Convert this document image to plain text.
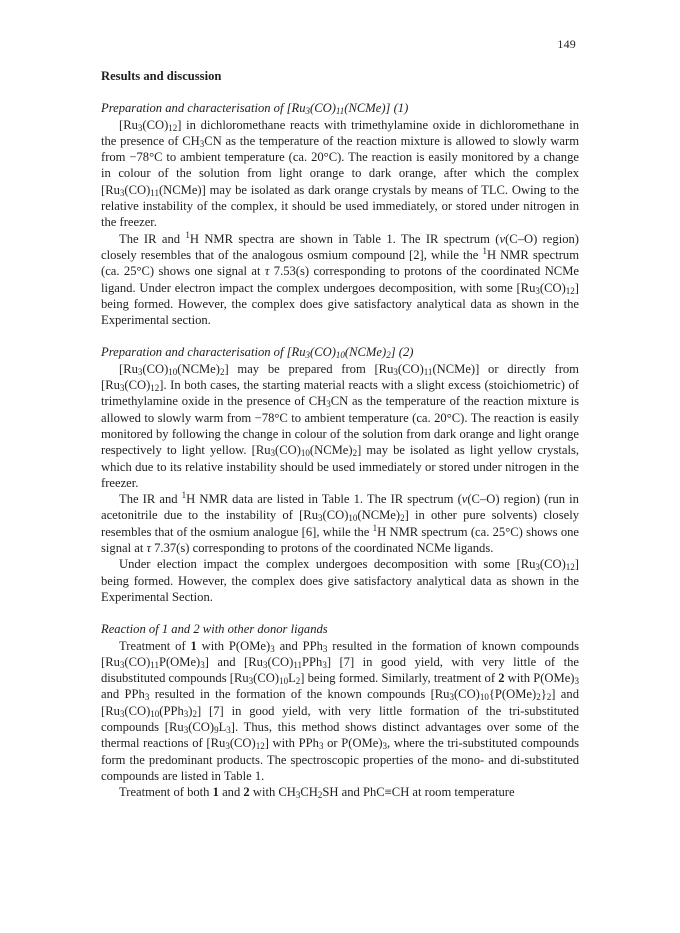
149
Results and discussion

Preparation and characterisation of $[Ru_3(CO)_{11}(NCMe)]$ (1)

$[Ru_3(CO)_{12}]$ in dichloromethane reacts with trimethylamine oxide in dichloromethane in the presence of $CH_3CN$ as the temperature of the reaction mixture is allowed to slowly warm from −78°C to ambient temperature (ca. 20°C). The reaction is easily monitored by a change in colour of the solution from light orange to dark orange, after which the complex $[Ru_3(CO)_{11}(NCMe)]$ may be isolated as dark orange crystals by means of TLC. Owing to the relative instability of the complex, it should be used immediately, or stored under nitrogen in the freezer.

The IR and $^1$H NMR spectra are shown in Table 1. The IR spectrum (ν(C–O) region) closely resembles that of the analogous osmium compound [2], while the $^1$H NMR spectrum (ca. 25°C) shows one signal at τ 7.53(s) corresponding to protons of the coordinated NCMe ligand. Under electron impact the complex undergoes decomposition, with some $[Ru_3(CO)_{12}]$ being formed. However, the complex does give satisfactory analytical data as shown in the Experimental section.

Preparation and characterisation of $[Ru_3(CO)_{10}(NCMe)_2]$ (2)

$[Ru_3(CO)_{10}(NCMe)_2]$ may be prepared from $[Ru_3(CO)_{11}(NCMe)]$ or directly from $[Ru_3(CO)_{12}]$. In both cases, the starting material reacts with a slight excess (stoichiometric) of trimethylamine oxide in the presence of $CH_3CN$ as the temperature of the reaction mixture is allowed to slowly warm from −78°C to ambient temperature (ca. 20°C). The reaction is easily monitored by following the change in colour of the solution from dark orange and light orange respectively to light yellow. $[Ru_3(CO)_{10}(NCMe)_2]$ may be isolated as light yellow crystals, which due to its relative instability should be used immediately or stored under nitrogen in the freezer.

The IR and $^1$H NMR data are listed in Table 1. The IR spectrum (ν(C–O) region) (run in acetonitrile due to the instability of $[Ru_3(CO)_{10}(NCMe)_2]$ in other pure solvents) closely resembles that of the osmium analogue [6], while the $^1$H NMR spectrum (ca. 25°C) shows one signal at τ 7.37(s) corresponding to protons of the coordinated NCMe ligands.

Under election impact the complex undergoes decomposition with some $[Ru_3(CO)_{12}]$ being formed. However, the complex does give satisfactory analytical data as shown in the Experimental Section.

Reaction of 1 and 2 with other donor ligands

Treatment of 1 with $P(OMe)_3$ and PPh$_3$ resulted in the formation of known compounds $[Ru_3(CO)_{11}P(OMe)_3]$ and $[Ru_3(CO)_{11}PPh_3]$ [7] in good yield, with very little of the disubstituted compounds $[Ru_3(CO)_{10}L_2]$ being formed. Similarly, treatment of 2 with $P(OMe)_3$ and PPh$_3$ resulted in the formation of the known compounds $[Ru_3(CO)_{10}\{P(OMe)_2\}_2]$ and $[Ru_3(CO)_{10}(PPh_3)_2]$ [7] in good yield, with very little formation of the tri-substituted compounds $[Ru_3(CO)_9L_3]$. Thus, this method shows distinct advantages over some of the thermal reactions of $[Ru_3(CO)_{12}]$ with PPh$_3$ or $P(OMe)_3$, where the tri-substituted compounds form the predominant products. The spectroscopic properties of the mono- and di-substituted compounds are listed in Table 1.

Treatment of both 1 and 2 with $CH_3CH_2SH$ and PhC≡CH at room temperature
